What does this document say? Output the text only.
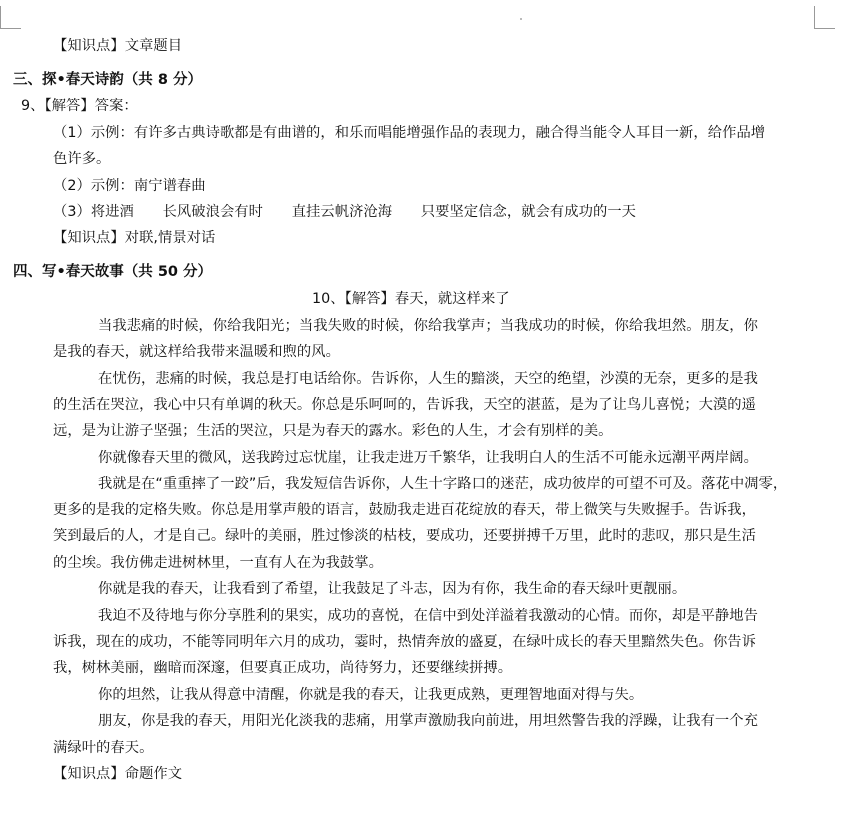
【知识点】文章题目
三、探•春天诗韵（共 8 分）
9、【解答】答案：
（1）示例：有许多古典诗歌都是有曲谱的，和乐而唱能增强作品的表现力，融合得当能令人耳目一新，给作品增
色许多。
（2）示例：南宁谱春曲
（3）将进酒　　长风破浪会有时　　直挂云帆济沧海　　只要坚定信念，就会有成功的一天
【知识点】对联,情景对话
四、写•春天故事（共 50 分）
10、【解答】春天，就这样来了
当我悲痛的时候，你给我阳光；当我失败的时候，你给我掌声；当我成功的时候，你给我坦然。朋友，你
是我的春天，就这样给我带来温暖和煦的风。
在忧伤，悲痛的时候，我总是打电话给你。告诉你，人生的黯淡，天空的绝望，沙漠的无奈，更多的是我
的生活在哭泣，我心中只有单调的秋天。你总是乐呵呵的，告诉我，天空的湛蓝，是为了让鸟儿喜悦；大漠的遥
远，是为让游子坚强；生活的哭泣，只是为春天的露水。彩色的人生，才会有别样的美。
你就像春天里的微风，送我跨过忘忧崖，让我走进万千繁华，让我明白人的生活不可能永远潮平两岸阔。
我就是在“重重摔了一跤”后，我发短信告诉你，人生十字路口的迷茫，成功彼岸的可望不可及。落花中凋零，
更多的是我的定格失败。你总是用掌声般的语言，鼓励我走进百花绽放的春天，带上微笑与失败握手。告诉我，
笑到最后的人，才是自己。绿叶的美丽，胜过惨淡的枯枝，要成功，还要拼搏千万里，此时的悲叹，那只是生活
的尘埃。我仿佛走进树林里，一直有人在为我鼓掌。
你就是我的春天，让我看到了希望，让我鼓足了斗志，因为有你，我生命的春天绿叶更靓丽。
我迫不及待地与你分享胜利的果实，成功的喜悦，在信中到处洋溢着我激动的心情。而你，却是平静地告
诉我，现在的成功，不能等同明年六月的成功，霎时，热情奔放的盛夏，在绿叶成长的春天里黯然失色。你告诉
我，树林美丽，幽暗而深邃，但要真正成功，尚待努力，还要继续拼搏。
你的坦然，让我从得意中清醒，你就是我的春天，让我更成熟，更理智地面对得与失。
朋友，你是我的春天，用阳光化淡我的悲痛，用掌声激励我向前进，用坦然警告我的浮躁，让我有一个充
满绿叶的春天。
【知识点】命题作文
